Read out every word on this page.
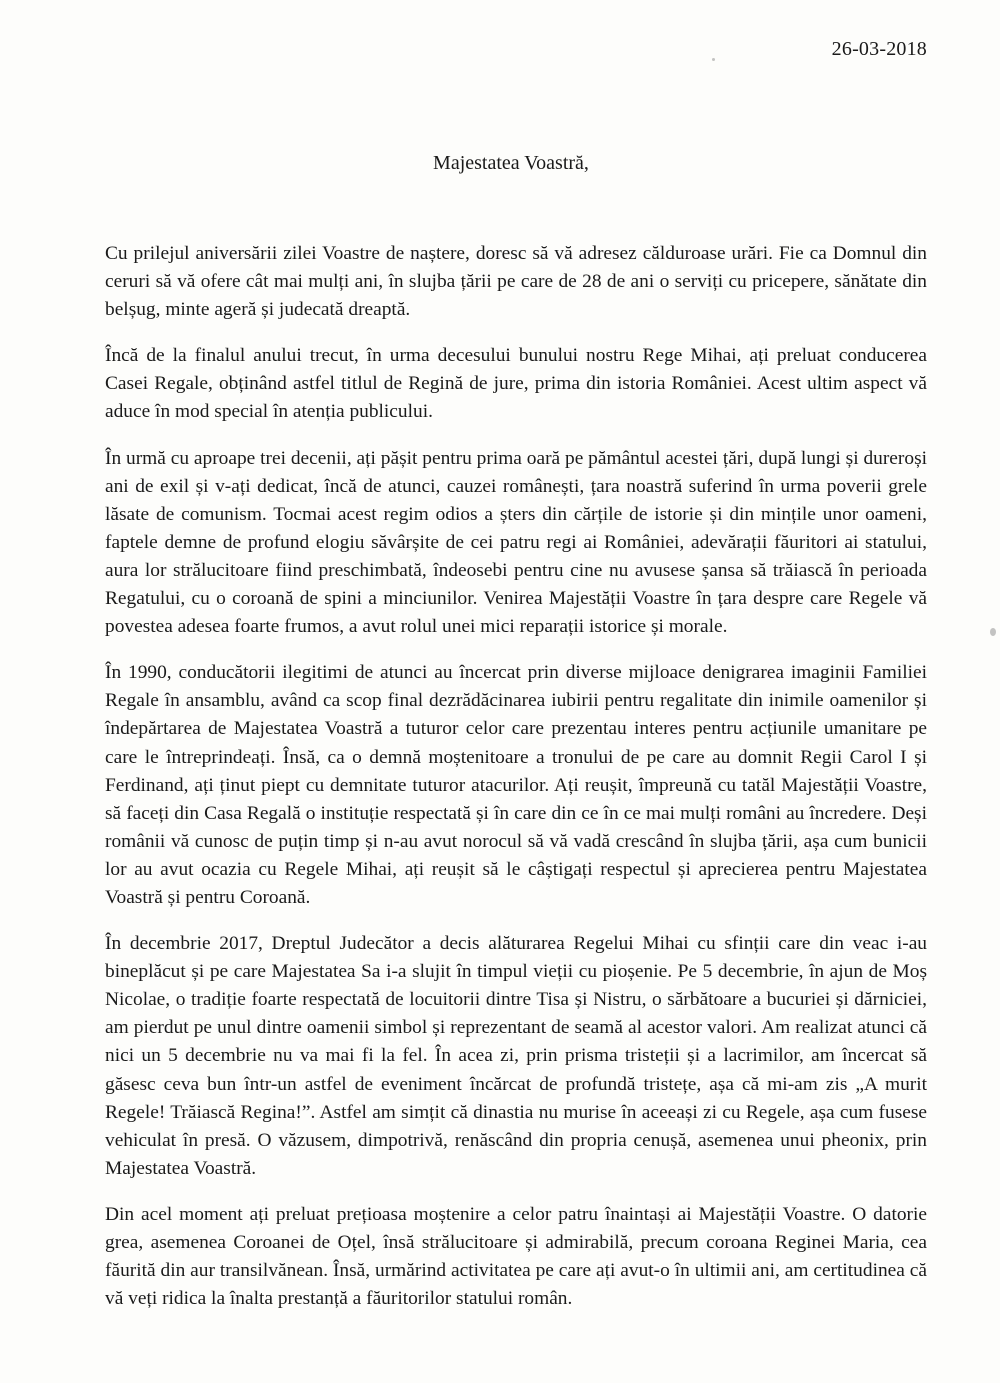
26-03-2018
Majestatea Voastră,

Cu prilejul aniversării zilei Voastre de naștere, doresc să vă adresez călduroase urări. Fie ca Domnul din ceruri să vă ofere cât mai mulți ani, în slujba țării pe care de 28 de ani o serviți cu pricepere, sănătate din belșug, minte ageră și judecată dreaptă.

Încă de la finalul anului trecut, în urma decesului bunului nostru Rege Mihai, ați preluat conducerea Casei Regale, obținând astfel titlul de Regină de jure, prima din istoria României. Acest ultim aspect vă aduce în mod special în atenția publicului.

În urmă cu aproape trei decenii, ați pășit pentru prima oară pe pământul acestei țări, după lungi și dureroși ani de exil și v-ați dedicat, încă de atunci, cauzei românești, țara noastră suferind în urma poverii grele lăsate de comunism. Tocmai acest regim odios a șters din cărțile de istorie și din mințile unor oameni, faptele demne de profund elogiu săvârșite de cei patru regi ai României, adevărații făuritori ai statului, aura lor strălucitoare fiind preschimbată, îndeosebi pentru cine nu avusese șansa să trăiască în perioada Regatului, cu o coroană de spini a minciunilor. Venirea Majestății Voastre în țara despre care Regele vă povestea adesea foarte frumos, a avut rolul unei mici reparații istorice și morale.

În 1990, conducătorii ilegitimi de atunci au încercat prin diverse mijloace denigrarea imaginii Familiei Regale în ansamblu, având ca scop final dezrădăcinarea iubirii pentru regalitate din inimile oamenilor și îndepărtarea de Majestatea Voastră a tuturor celor care prezentau interes pentru acțiunile umanitare pe care le întreprindeați. Însă, ca o demnă moștenitoare a tronului de pe care au domnit Regii Carol I și Ferdinand, ați ținut piept cu demnitate tuturor atacurilor. Ați reușit, împreună cu tatăl Majestății Voastre, să faceți din Casa Regală o instituție respectată și în care din ce în ce mai mulți români au încredere. Deși românii vă cunosc de puțin timp și n-au avut norocul să vă vadă crescând în slujba țării, așa cum bunicii lor au avut ocazia cu Regele Mihai, ați reușit să le câștigați respectul și aprecierea pentru Majestatea Voastră și pentru Coroană.

În decembrie 2017, Dreptul Judecător a decis alăturarea Regelui Mihai cu sfinții care din veac i-au bineplăcut și pe care Majestatea Sa i-a slujit în timpul vieții cu pioșenie. Pe 5 decembrie, în ajun de Moș Nicolae, o tradiție foarte respectată de locuitorii dintre Tisa și Nistru, o sărbătoare a bucuriei și dărniciei, am pierdut pe unul dintre oamenii simbol și reprezentant de seamă al acestor valori. Am realizat atunci că nici un 5 decembrie nu va mai fi la fel. În acea zi, prin prisma tristeții și a lacrimilor, am încercat să găsesc ceva bun într-un astfel de eveniment încărcat de profundă tristețe, așa că mi-am zis „A murit Regele! Trăiască Regina!”. Astfel am simțit că dinastia nu murise în aceeași zi cu Regele, așa cum fusese vehiculat în presă. O văzusem, dimpotrivă, renăscând din propria cenușă, asemenea unui pheonix, prin Majestatea Voastră.

Din acel moment ați preluat prețioasa moștenire a celor patru înaintași ai Majestății Voastre. O datorie grea, asemenea Coroanei de Oțel, însă strălucitoare și admirabilă, precum coroana Reginei Maria, cea făurită din aur transilvănean. Însă, urmărind activitatea pe care ați avut-o în ultimii ani, am certitudinea că vă veți ridica la înalta prestanță a făuritorilor statului român.
